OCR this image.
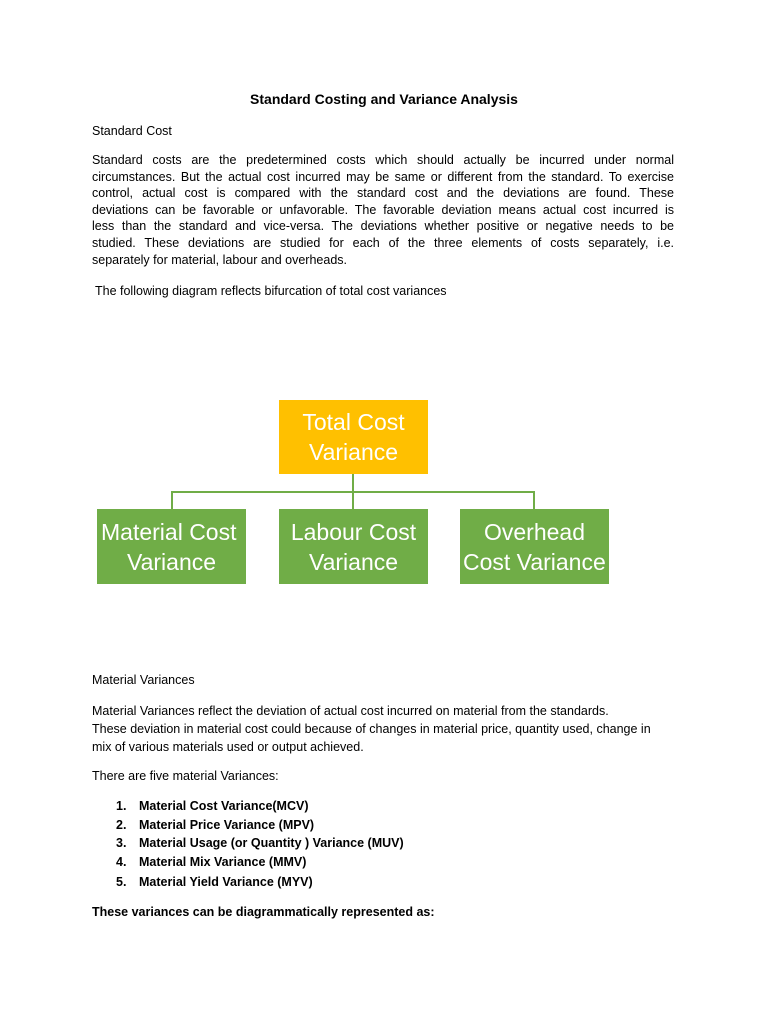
Standard Costing and Variance Analysis
Standard Cost
Standard costs are the predetermined costs which should actually be incurred under normal
circumstances. But the actual cost incurred may be same or different from the standard. To exercise
control, actual cost is compared with the standard cost and the deviations are found. These
deviations can be favorable or unfavorable. The favorable deviation means actual cost incurred is
less than the standard and vice-versa. The deviations whether positive or negative needs to be
studied. These deviations are studied for each of the three elements of costs separately, i.e.
separately for material, labour and overheads.
The following diagram reflects bifurcation of total cost variances
Total Cost
Variance
Material Cost
Variance
Labour Cost
Variance
Overhead
Cost Variance
Material Variances
Material Variances reflect the deviation of actual cost incurred on material from the standards.
These deviation in material cost could because of changes in material price, quantity used, change in
mix of various materials used or output achieved.
There are five material Variances:
1. Material Cost Variance(MCV)
2. Material Price Variance (MPV)
3. Material Usage (or Quantity ) Variance (MUV)
4. Material Mix Variance (MMV)
5. Material Yield Variance (MYV)
These variances can be diagrammatically represented as:
